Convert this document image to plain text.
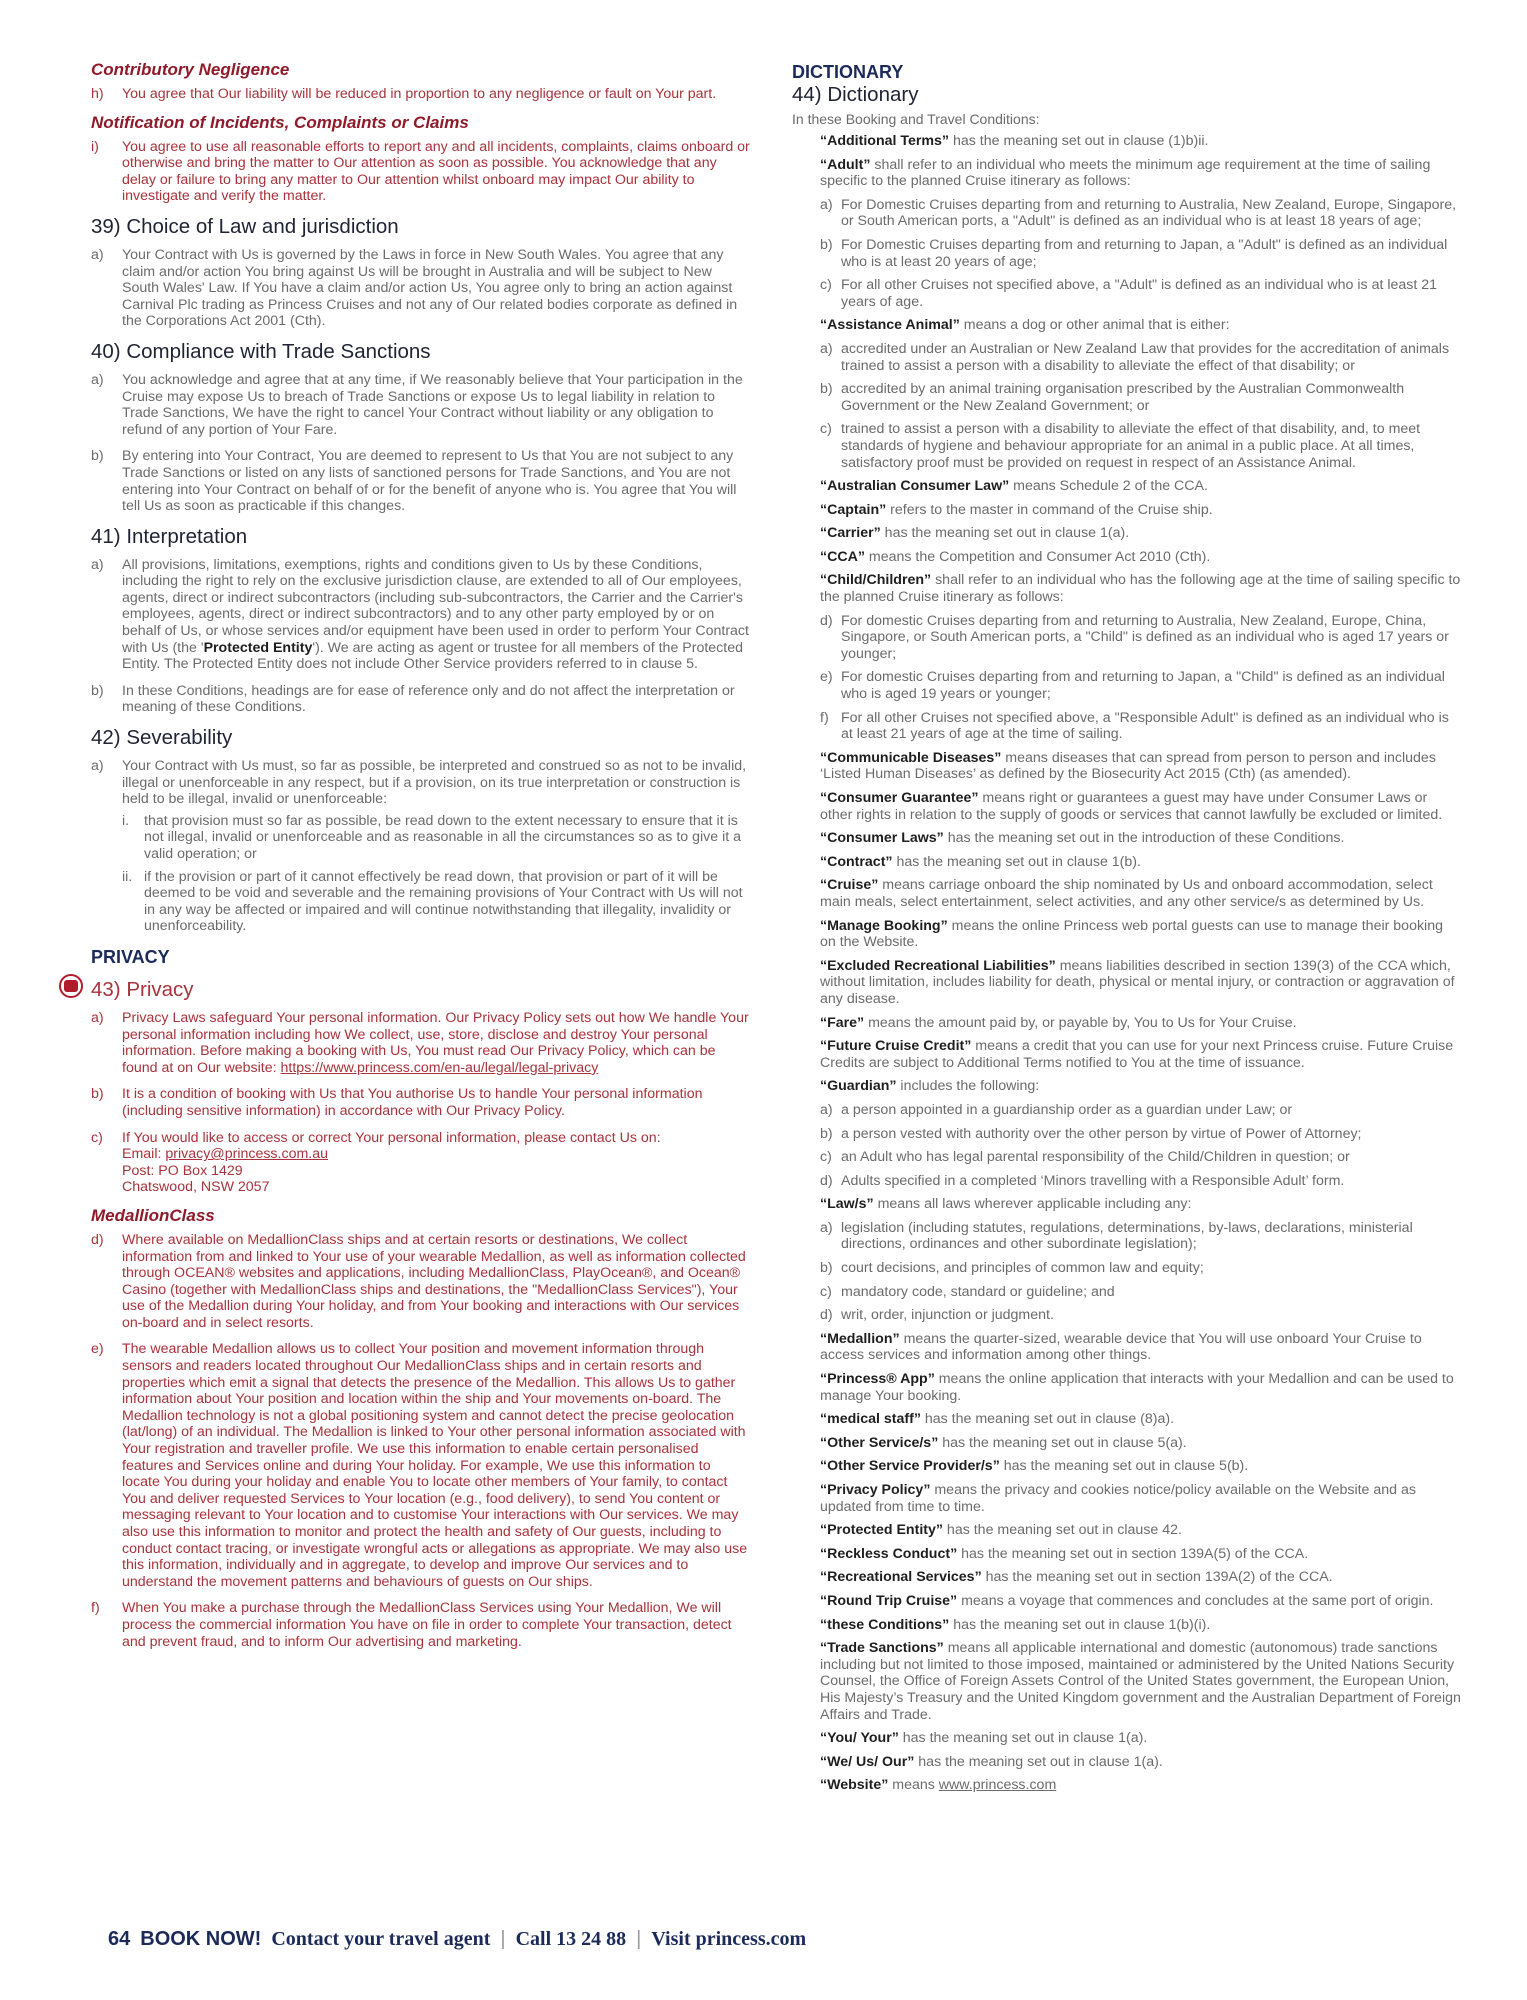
Contributory Negligence
h)	You agree that Our liability will be reduced in proportion to any negligence or fault on Your part.
Notification of Incidents, Complaints or Claims
i)	You agree to use all reasonable efforts to report any and all incidents, complaints, claims onboard or otherwise and bring the matter to Our attention as soon as possible. You acknowledge that any delay or failure to bring any matter to Our attention whilst onboard may impact Our ability to investigate and verify the matter.
39) Choice of Law and jurisdiction
a)	Your Contract with Us is governed by the Laws in force in New South Wales. You agree that any claim and/or action You bring against Us will be brought in Australia and will be subject to New South Wales' Law. If You have a claim and/or action Us, You agree only to bring an action against Carnival Plc trading as Princess Cruises and not any of Our related bodies corporate as defined in the Corporations Act 2001 (Cth).
40) Compliance with Trade Sanctions
a)	You acknowledge and agree that at any time, if We reasonably believe that Your participation in the Cruise may expose Us to breach of Trade Sanctions or expose Us to legal liability in relation to Trade Sanctions, We have the right to cancel Your Contract without liability or any obligation to refund of any portion of Your Fare.
b)	By entering into Your Contract, You are deemed to represent to Us that You are not subject to any Trade Sanctions or listed on any lists of sanctioned persons for Trade Sanctions, and You are not entering into Your Contract on behalf of or for the benefit of anyone who is. You agree that You will tell Us as soon as practicable if this changes.
41) Interpretation
a)	All provisions, limitations, exemptions, rights and conditions given to Us by these Conditions, including the right to rely on the exclusive jurisdiction clause, are extended to all of Our employees, agents, direct or indirect subcontractors (including sub-subcontractors, the Carrier and the Carrier's employees, agents, direct or indirect subcontractors) and to any other party employed by or on behalf of Us, or whose services and/or equipment have been used in order to perform Your Contract with Us (the 'Protected Entity'). We are acting as agent or trustee for all members of the Protected Entity. The Protected Entity does not include Other Service providers referred to in clause 5.
b)	In these Conditions, headings are for ease of reference only and do not affect the interpretation or meaning of these Conditions.
42) Severability
a)	Your Contract with Us must, so far as possible, be interpreted and construed so as not to be invalid, illegal or unenforceable in any respect, but if a provision, on its true interpretation or construction is held to be illegal, invalid or unenforceable:
i.	that provision must so far as possible, be read down to the extent necessary to ensure that it is not illegal, invalid or unenforceable and as reasonable in all the circumstances so as to give it a valid operation; or
ii. if the provision or part of it cannot effectively be read down, that provision or part of it will be deemed to be void and severable and the remaining provisions of Your Contract with Us will not in any way be affected or impaired and will continue notwithstanding that illegality, invalidity or unenforceability.
PRIVACY
43) Privacy
a)	Privacy Laws safeguard Your personal information. Our Privacy Policy sets out how We handle Your personal information including how We collect, use, store, disclose and destroy Your personal information. Before making a booking with Us, You must read Our Privacy Policy, which can be found at on Our website: https://www.princess.com/en-au/legal/legal-privacy
b)	It is a condition of booking with Us that You authorise Us to handle Your personal information (including sensitive information) in accordance with Our Privacy Policy.
c)	If You would like to access or correct Your personal information, please contact Us on:
Email: privacy@princess.com.au
Post: PO Box 1429
Chatswood, NSW 2057
MedallionClass
d)	Where available on MedallionClass ships and at certain resorts or destinations, We collect information from and linked to Your use of your wearable Medallion, as well as information collected through OCEAN® websites and applications, including MedallionClass, PlayOcean®, and Ocean® Casino (together with MedallionClass ships and destinations, the "MedallionClass Services"), Your use of the Medallion during Your holiday, and from Your booking and interactions with Our services on-board and in select resorts.
e)	The wearable Medallion allows us to collect Your position and movement information through sensors and readers located throughout Our MedallionClass ships and in certain resorts and properties which emit a signal that detects the presence of the Medallion. This allows Us to gather information about Your position and location within the ship and Your movements on-board. The Medallion technology is not a global positioning system and cannot detect the precise geolocation (lat/long) of an individual. The Medallion is linked to Your other personal information associated with Your registration and traveller profile. We use this information to enable certain personalised features and Services online and during Your holiday. For example, We use this information to locate You during your holiday and enable You to locate other members of Your family, to contact You and deliver requested Services to Your location (e.g., food delivery), to send You content or messaging relevant to Your location and to customise Your interactions with Our services. We may also use this information to monitor and protect the health and safety of Our guests, including to conduct contact tracing, or investigate wrongful acts or allegations as appropriate. We may also use this information, individually and in aggregate, to develop and improve Our services and to understand the movement patterns and behaviours of guests on Our ships.
f)	When You make a purchase through the MedallionClass Services using Your Medallion, We will process the commercial information You have on file in order to complete Your transaction, detect and prevent fraud, and to inform Our advertising and marketing.
DICTIONARY
44) Dictionary
In these Booking and Travel Conditions:
“Additional Terms” has the meaning set out in clause (1)b)ii.
“Adult” shall refer to an individual who meets the minimum age requirement at the time of sailing specific to the planned Cruise itinerary as follows:
a) For Domestic Cruises departing from and returning to Australia, New Zealand, Europe, Singapore, or South American ports, a "Adult" is defined as an individual who is at least 18 years of age;
b) For Domestic Cruises departing from and returning to Japan, a "Adult" is defined as an individual who is at least 20 years of age;
c) For all other Cruises not specified above, a "Adult" is defined as an individual who is at least 21 years of age.
“Assistance Animal” means a dog or other animal that is either:
a) accredited under an Australian or New Zealand Law that provides for the accreditation of animals trained to assist a person with a disability to alleviate the effect of that disability; or
b) accredited by an animal training organisation prescribed by the Australian Commonwealth Government or the New Zealand Government; or
c) trained to assist a person with a disability to alleviate the effect of that disability, and, to meet standards of hygiene and behaviour appropriate for an animal in a public place. At all times, satisfactory proof must be provided on request in respect of an Assistance Animal.
“Australian Consumer Law” means Schedule 2 of the CCA.
“Captain” refers to the master in command of the Cruise ship.
“Carrier” has the meaning set out in clause 1(a).
“CCA” means the Competition and Consumer Act 2010 (Cth).
“Child/Children” shall refer to an individual who has the following age at the time of sailing specific to the planned Cruise itinerary as follows:
d) For domestic Cruises departing from and returning to Australia, New Zealand, Europe, China, Singapore, or South American ports, a "Child" is defined as an individual who is aged 17 years or younger;
e) For domestic Cruises departing from and returning to Japan, a "Child" is defined as an individual who is aged 19 years or younger;
f) For all other Cruises not specified above, a "Responsible Adult" is defined as an individual who is at least 21 years of age at the time of sailing.
“Communicable Diseases” means diseases that can spread from person to person and includes ‘Listed Human Diseases’ as defined by the Biosecurity Act 2015 (Cth) (as amended).
“Consumer Guarantee” means right or guarantees a guest may have under Consumer Laws or other rights in relation to the supply of goods or services that cannot lawfully be excluded or limited.
“Consumer Laws” has the meaning set out in the introduction of these Conditions.
“Contract” has the meaning set out in clause 1(b).
“Cruise” means carriage onboard the ship nominated by Us and onboard accommodation, select main meals, select entertainment, select activities, and any other service/s as determined by Us.
“Manage Booking” means the online Princess web portal guests can use to manage their booking on the Website.
“Excluded Recreational Liabilities” means liabilities described in section 139(3) of the CCA which, without limitation, includes liability for death, physical or mental injury, or contraction or aggravation of any disease.
“Fare” means the amount paid by, or payable by, You to Us for Your Cruise.
“Future Cruise Credit” means a credit that you can use for your next Princess cruise. Future Cruise Credits are subject to Additional Terms notified to You at the time of issuance.
“Guardian” includes the following:
a) a person appointed in a guardianship order as a guardian under Law; or
b) a person vested with authority over the other person by virtue of Power of Attorney;
c) an Adult who has legal parental responsibility of the Child/Children in question; or
d) Adults specified in a completed ‘Minors travelling with a Responsible Adult’ form.
“Law/s” means all laws wherever applicable including any:
a) legislation (including statutes, regulations, determinations, by-laws, declarations, ministerial directions, ordinances and other subordinate legislation);
b) court decisions, and principles of common law and equity;
c) mandatory code, standard or guideline; and
d) writ, order, injunction or judgment.
“Medallion” means the quarter-sized, wearable device that You will use onboard Your Cruise to access services and information among other things.
“Princess® App” means the online application that interacts with your Medallion and can be used to manage Your booking.
“medical staff” has the meaning set out in clause (8)a).
“Other Service/s” has the meaning set out in clause 5(a).
“Other Service Provider/s” has the meaning set out in clause 5(b).
“Privacy Policy” means the privacy and cookies notice/policy available on the Website and as updated from time to time.
“Protected Entity” has the meaning set out in clause 42.
“Reckless Conduct” has the meaning set out in section 139A(5) of the CCA.
“Recreational Services” has the meaning set out in section 139A(2) of the CCA.
“Round Trip Cruise” means a voyage that commences and concludes at the same port of origin.
“these Conditions” has the meaning set out in clause 1(b)(i).
“Trade Sanctions” means all applicable international and domestic (autonomous) trade sanctions including but not limited to those imposed, maintained or administered by the United Nations Security Counsel, the Office of Foreign Assets Control of the United States government, the European Union, His Majesty’s Treasury and the United Kingdom government and the Australian Department of Foreign Affairs and Trade.
“You/ Your” has the meaning set out in clause 1(a).
“We/ Us/ Our” has the meaning set out in clause 1(a).
“Website” means www.princess.com
64 BOOK NOW! Contact your travel agent | Call 13 24 88 | Visit princess.com
